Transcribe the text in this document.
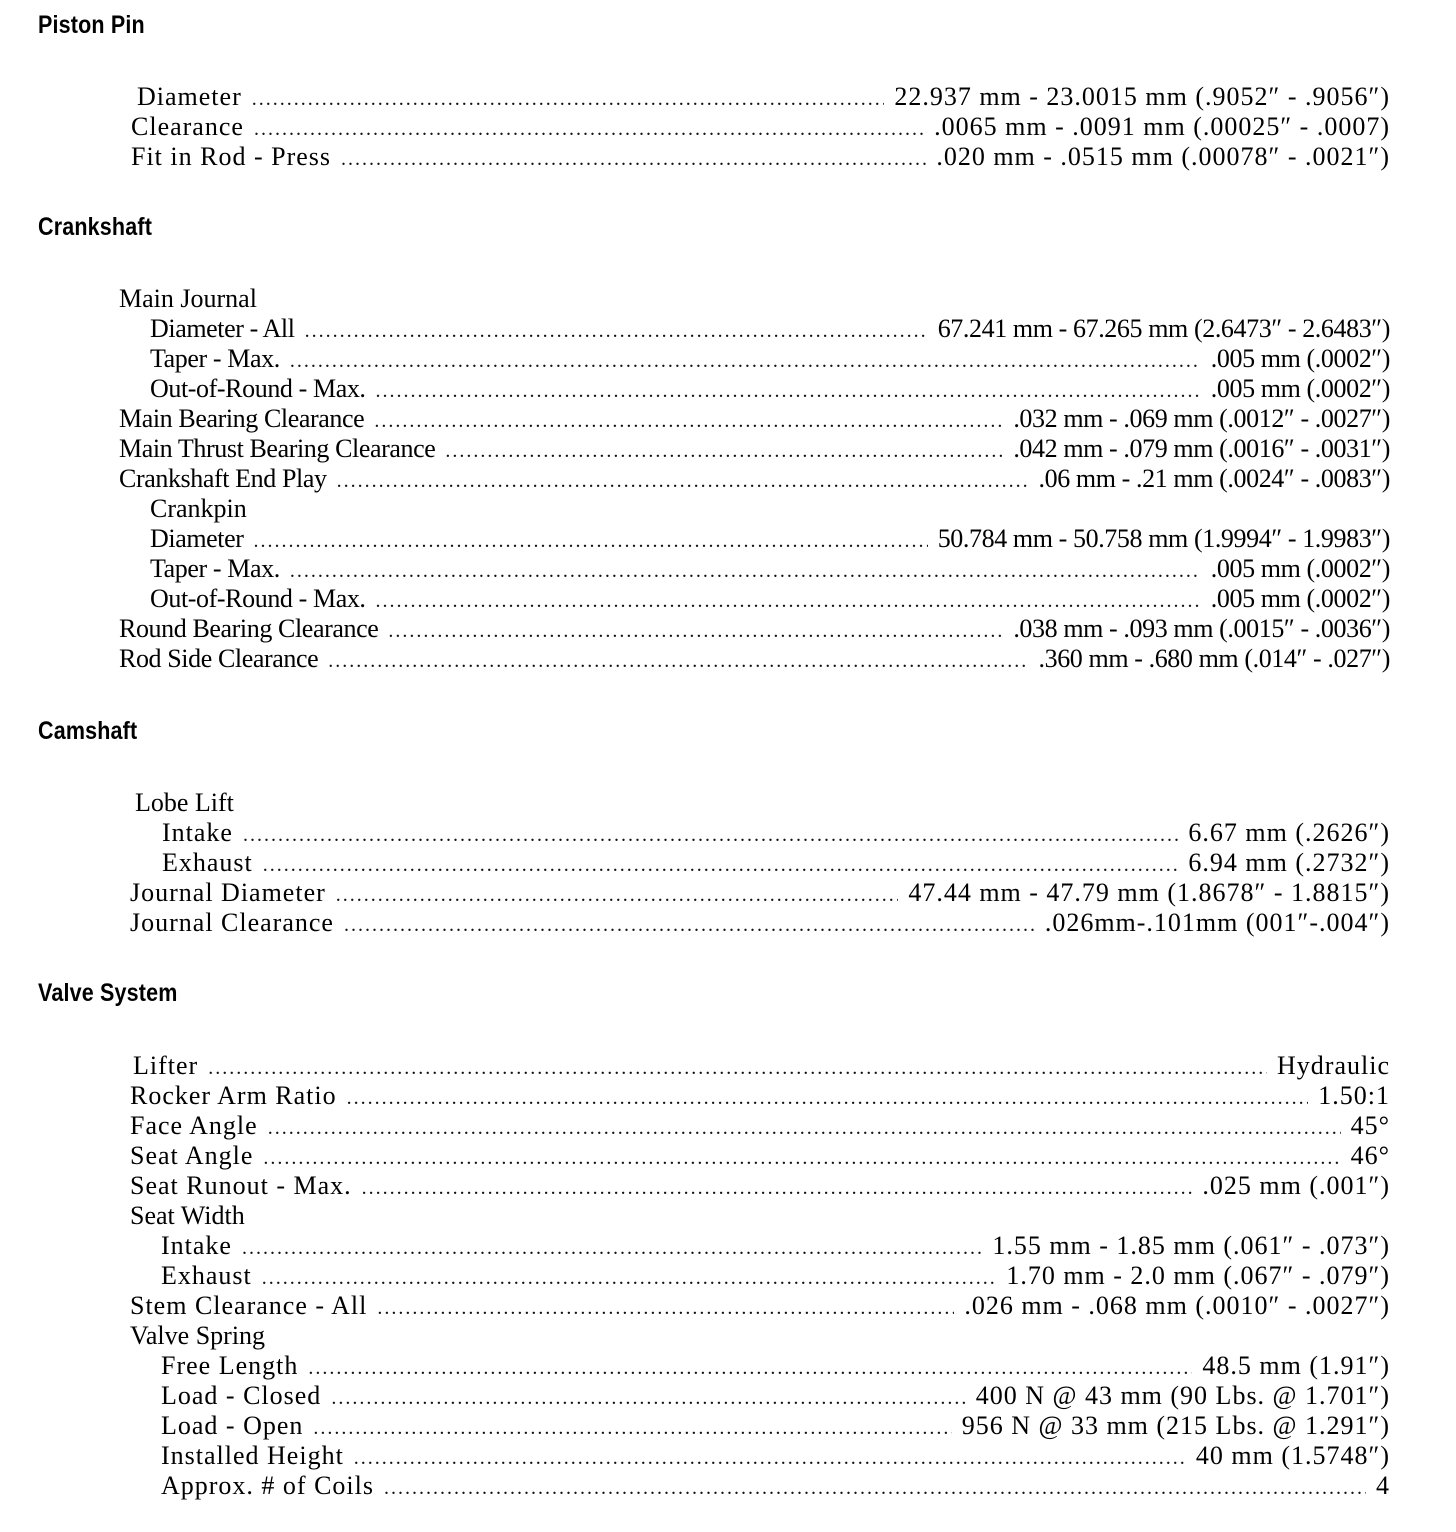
Piston Pin
Diameter .....	22.937 mm - 23.0015 mm (.9052″ - .9056″)
Clearance .....	.0065 mm - .0091 mm (.00025″ - .0007)
Fit in Rod - Press .....	.020 mm - .0515 mm (.00078″ - .0021″)
Crankshaft
Main Journal
Diameter - All .....	67.241 mm - 67.265 mm (2.6473″ - 2.6483″)
Taper - Max. .....	.005 mm (.0002″)
Out-of-Round - Max. .....	.005 mm (.0002″)
Main Bearing Clearance .....	.032 mm - .069 mm (.0012″ - .0027″)
Main Thrust Bearing Clearance .....	.042 mm - .079 mm (.0016″ - .0031″)
Crankshaft End Play .....	.06 mm - .21 mm (.0024″ - .0083″)
Crankpin
Diameter .....	50.784 mm - 50.758 mm (1.9994″ - 1.9983″)
Taper - Max. .....	.005 mm (.0002″)
Out-of-Round - Max. .....	.005 mm (.0002″)
Round Bearing Clearance .....	.038 mm - .093 mm (.0015″ - .0036″)
Rod Side Clearance .....	.360 mm - .680 mm (.014″ - .027″)
Camshaft
Lobe Lift
Intake .....	6.67 mm (.2626″)
Exhaust .....	6.94 mm (.2732″)
Journal Diameter .....	47.44 mm - 47.79 mm (1.8678″ - 1.8815″)
Journal Clearance .....	.026mm-.101mm (001″-.004″)
Valve System
Lifter .....	Hydraulic
Rocker Arm Ratio .....	1.50:1
Face Angle .....	45°
Seat Angle .....	46°
Seat Runout - Max. .....	.025 mm (.001″)
Seat Width
Intake .....	1.55 mm - 1.85 mm (.061″ - .073″)
Exhaust .....	1.70 mm - 2.0 mm (.067″ - .079″)
Stem Clearance - All .....	.026 mm - .068 mm (.0010″ - .0027″)
Valve Spring
Free Length .....	48.5 mm (1.91″)
Load - Closed .....	400 N @ 43 mm (90 Lbs. @ 1.701″)
Load - Open .....	956 N @ 33 mm (215 Lbs. @ 1.291″)
Installed Height .....	40 mm (1.5748″)
Approx. # of Coils .....	4
